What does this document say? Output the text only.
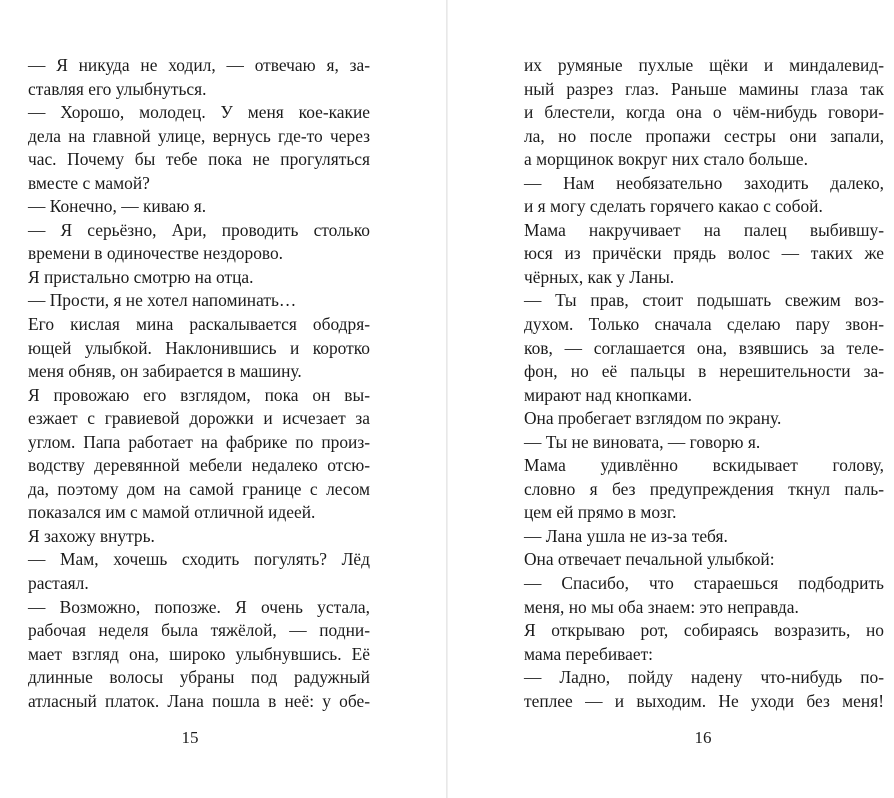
— Я никуда не ходил, — отвечаю я, за-
ставляя его улыбнуться.
— Хорошо, молодец. У меня кое-какие
дела на главной улице, вернусь где-то через
час. Почему бы тебе пока не прогуляться
вместе с мамой?
— Конечно, — киваю я.
— Я серьёзно, Ари, проводить столько
времени в одиночестве нездорово.
Я пристально смотрю на отца.
— Прости, я не хотел напоминать…
Его кислая мина раскалывается ободря-
ющей улыбкой. Наклонившись и коротко
меня обняв, он забирается в машину.
Я провожаю его взглядом, пока он вы-
езжает с гравиевой дорожки и исчезает за
углом. Папа работает на фабрике по произ-
водству деревянной мебели недалеко отсю-
да, поэтому дом на самой границе с лесом
показался им с мамой отличной идеей.
Я захожу внутрь.
— Мам, хочешь сходить погулять? Лёд
растаял.
— Возможно, попозже. Я очень устала,
рабочая неделя была тяжёлой, — подни-
мает взгляд она, широко улыбнувшись. Её
длинные волосы убраны под радужный
атласный платок. Лана пошла в неё: у обе-
их румяные пухлые щёки и миндалевид-
ный разрез глаз. Раньше мамины глаза так
и блестели, когда она о чём-нибудь говори-
ла, но после пропажи сестры они запали,
а морщинок вокруг них стало больше.
— Нам необязательно заходить далеко,
и я могу сделать горячего какао с собой.
Мама накручивает на палец выбившу-
юся из причёски прядь волос — таких же
чёрных, как у Ланы.
— Ты прав, стоит подышать свежим воз-
духом. Только сначала сделаю пару звон-
ков, — соглашается она, взявшись за теле-
фон, но её пальцы в нерешительности за-
мирают над кнопками.
Она пробегает взглядом по экрану.
— Ты не виновата, — говорю я.
Мама удивлённо вскидывает голову,
словно я без предупреждения ткнул паль-
цем ей прямо в мозг.
— Лана ушла не из-за тебя.
Она отвечает печальной улыбкой:
— Спасибо, что стараешься подбодрить
меня, но мы оба знаем: это неправда.
Я открываю рот, собираясь возразить, но
мама перебивает:
— Ладно, пойду надену что-нибудь по-
теплее — и выходим. Не уходи без меня!
15	16
